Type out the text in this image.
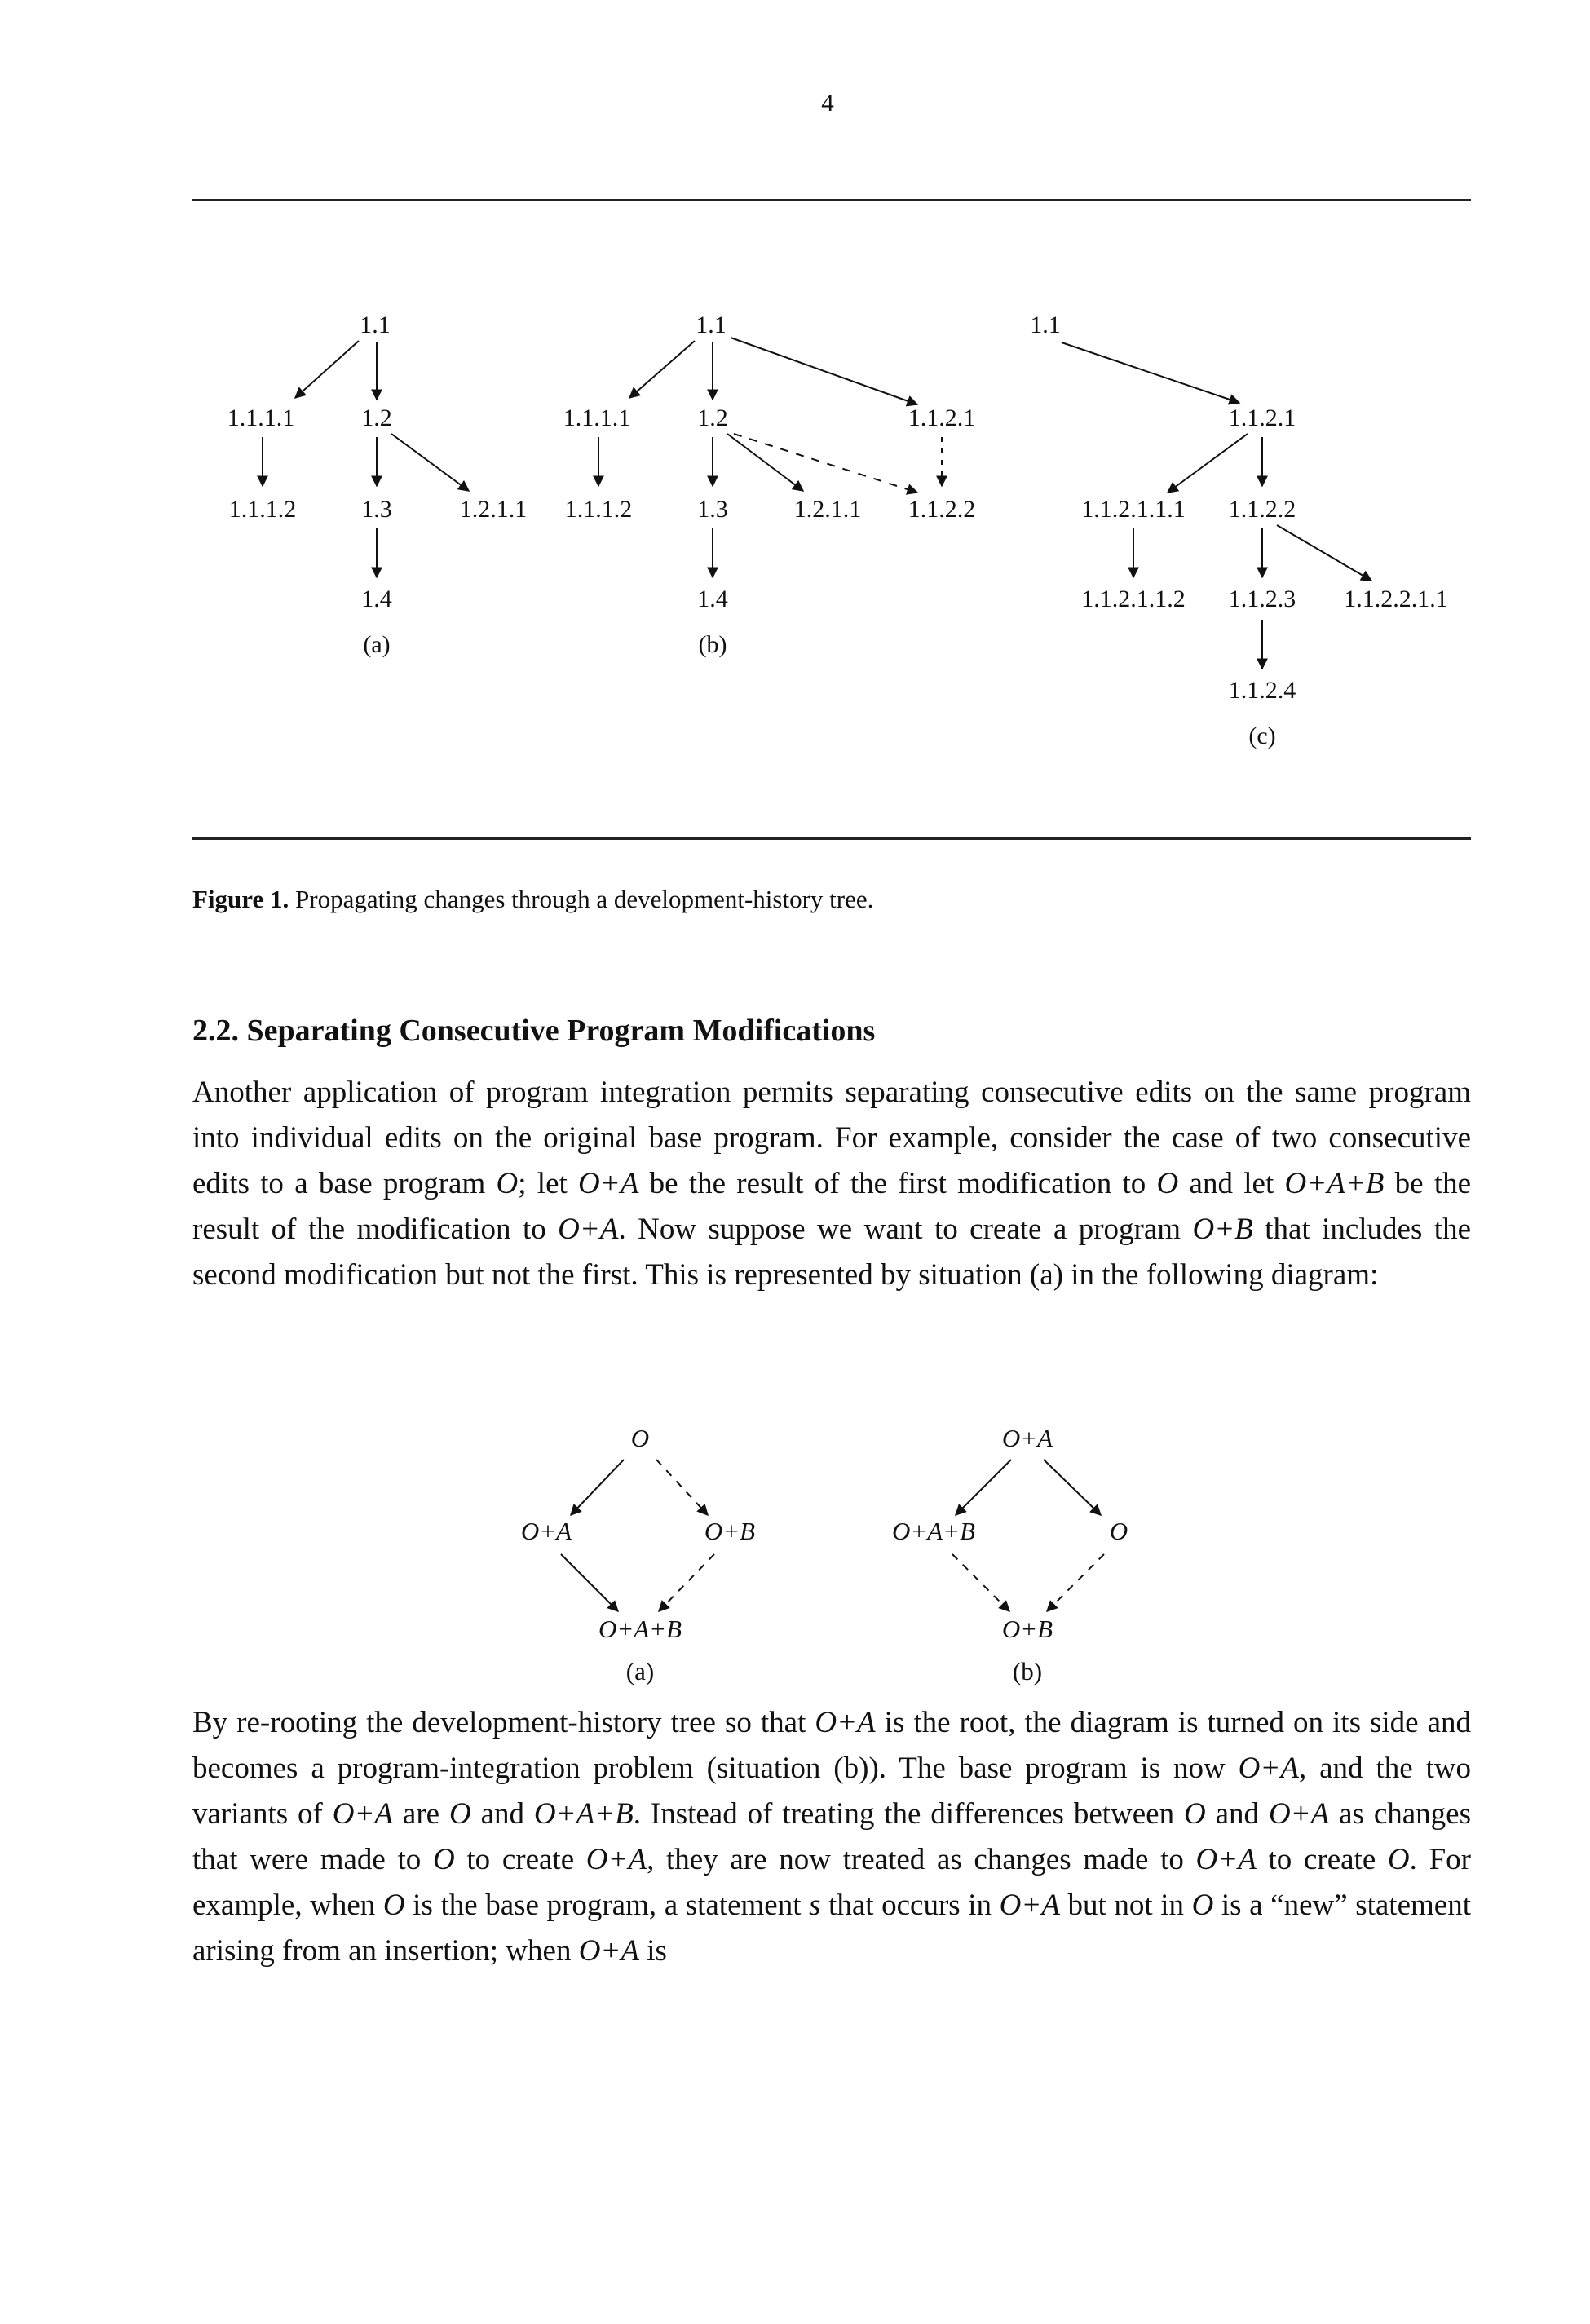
4
1.1
1.1.1.1	1.2
1.1.1.2	1.3	1.2.1.1
1.4
(a)
1.1
1.1.1.1	1.2	1.1.2.1
1.1.1.2	1.3	1.2.1.1 1.1.2.2
1.4
(b)
1.1
1.1.2.1
1.1.2.1.1.1 1.1.2.2
1.1.2.1.1.2 1.1.2.3 1.1.2.2.1.1
1.1.2.4
(c)
Figure 1. Propagating changes through a development-history tree.
2.2. Separating Consecutive Program Modifications
Another application of program integration permits separating consecutive edits on the same program into individual edits on the original base program. For example, consider the case of two consecutive edits to a base program O; let O+A be the result of the first modification to O and let O+A+B be the result of the modification to O+A. Now suppose we want to create a program O+B that includes the second modification but not the first. This is represented by situation (a) in the following diagram:
O
O+A	O+B
O+A+B
(a)
O+A
O+A+B	O
O+B
(b)
By re-rooting the development-history tree so that O+A is the root, the diagram is turned on its side and becomes a program-integration problem (situation (b)). The base program is now O+A, and the two variants of O+A are O and O+A+B. Instead of treating the differences between O and O+A as changes that were made to O to create O+A, they are now treated as changes made to O+A to create O. For example, when O is the base program, a statement s that occurs in O+A but not in O is a “new” statement arising from an insertion; when O+A is
